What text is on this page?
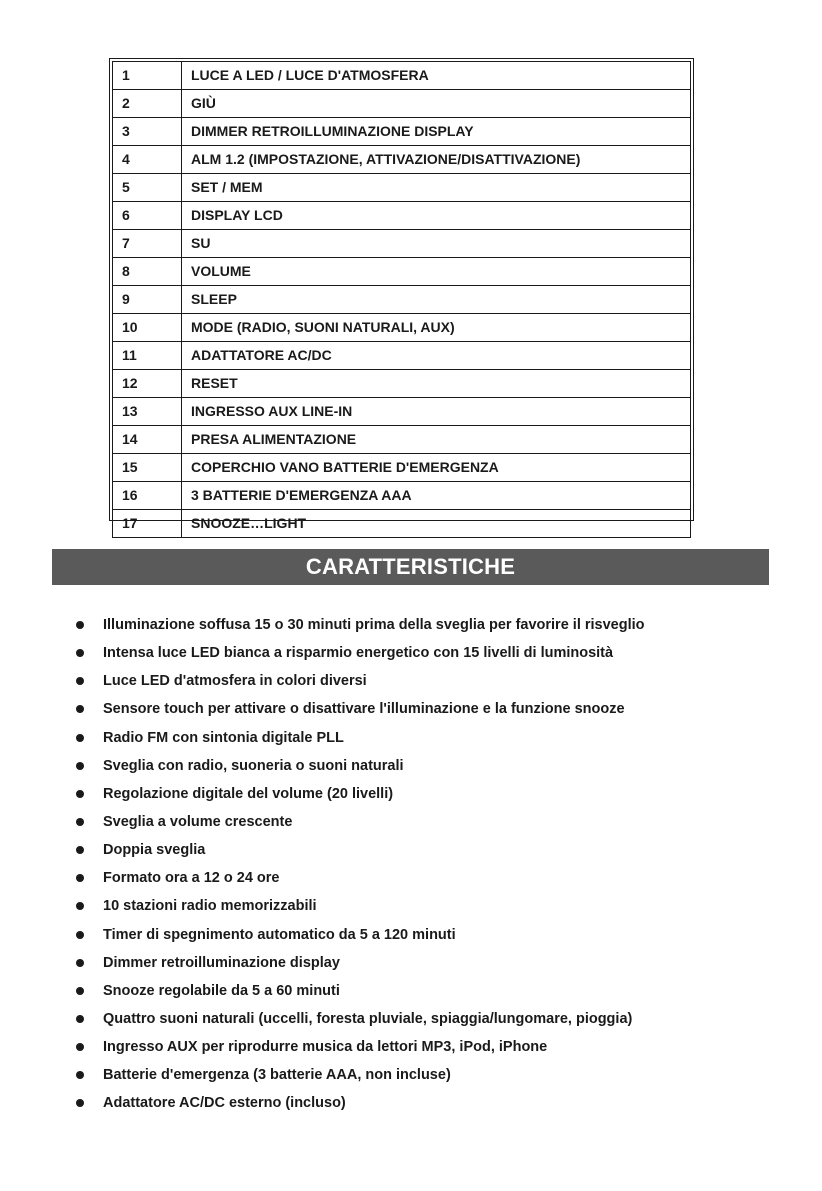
1	LUCE A LED / LUCE D'ATMOSFERA
2	GIÙ
3	DIMMER RETROILLUMINAZIONE DISPLAY
4	ALM 1.2 (IMPOSTAZIONE, ATTIVAZIONE/DISATTIVAZIONE)
5	SET / MEM
6	DISPLAY LCD
7	SU
8	VOLUME
9	SLEEP
10	MODE (RADIO, SUONI NATURALI, AUX)
11	ADATTATORE AC/DC
12	RESET
13	INGRESSO AUX LINE-IN
14	PRESA ALIMENTAZIONE
15	COPERCHIO VANO BATTERIE D'EMERGENZA
16	3 BATTERIE D'EMERGENZA AAA
17	SNOOZE…LIGHT
CARATTERISTICHE
Illuminazione soffusa 15 o 30 minuti prima della sveglia per favorire il risveglio
Intensa luce LED bianca a risparmio energetico con 15 livelli di luminosità
Luce LED d'atmosfera in colori diversi
Sensore touch per attivare o disattivare l'illuminazione e la funzione snooze
Radio FM con sintonia digitale PLL
Sveglia con radio, suoneria o suoni naturali
Regolazione digitale del volume (20 livelli)
Sveglia a volume crescente
Doppia sveglia
Formato ora a 12 o 24 ore
10 stazioni radio memorizzabili
Timer di spegnimento automatico da 5 a 120 minuti
Dimmer retroilluminazione display
Snooze regolabile da 5 a 60 minuti
Quattro suoni naturali (uccelli, foresta pluviale, spiaggia/lungomare, pioggia)
Ingresso AUX per riprodurre musica da lettori MP3, iPod, iPhone
Batterie d'emergenza (3 batterie AAA, non incluse)
Adattatore AC/DC esterno (incluso)
